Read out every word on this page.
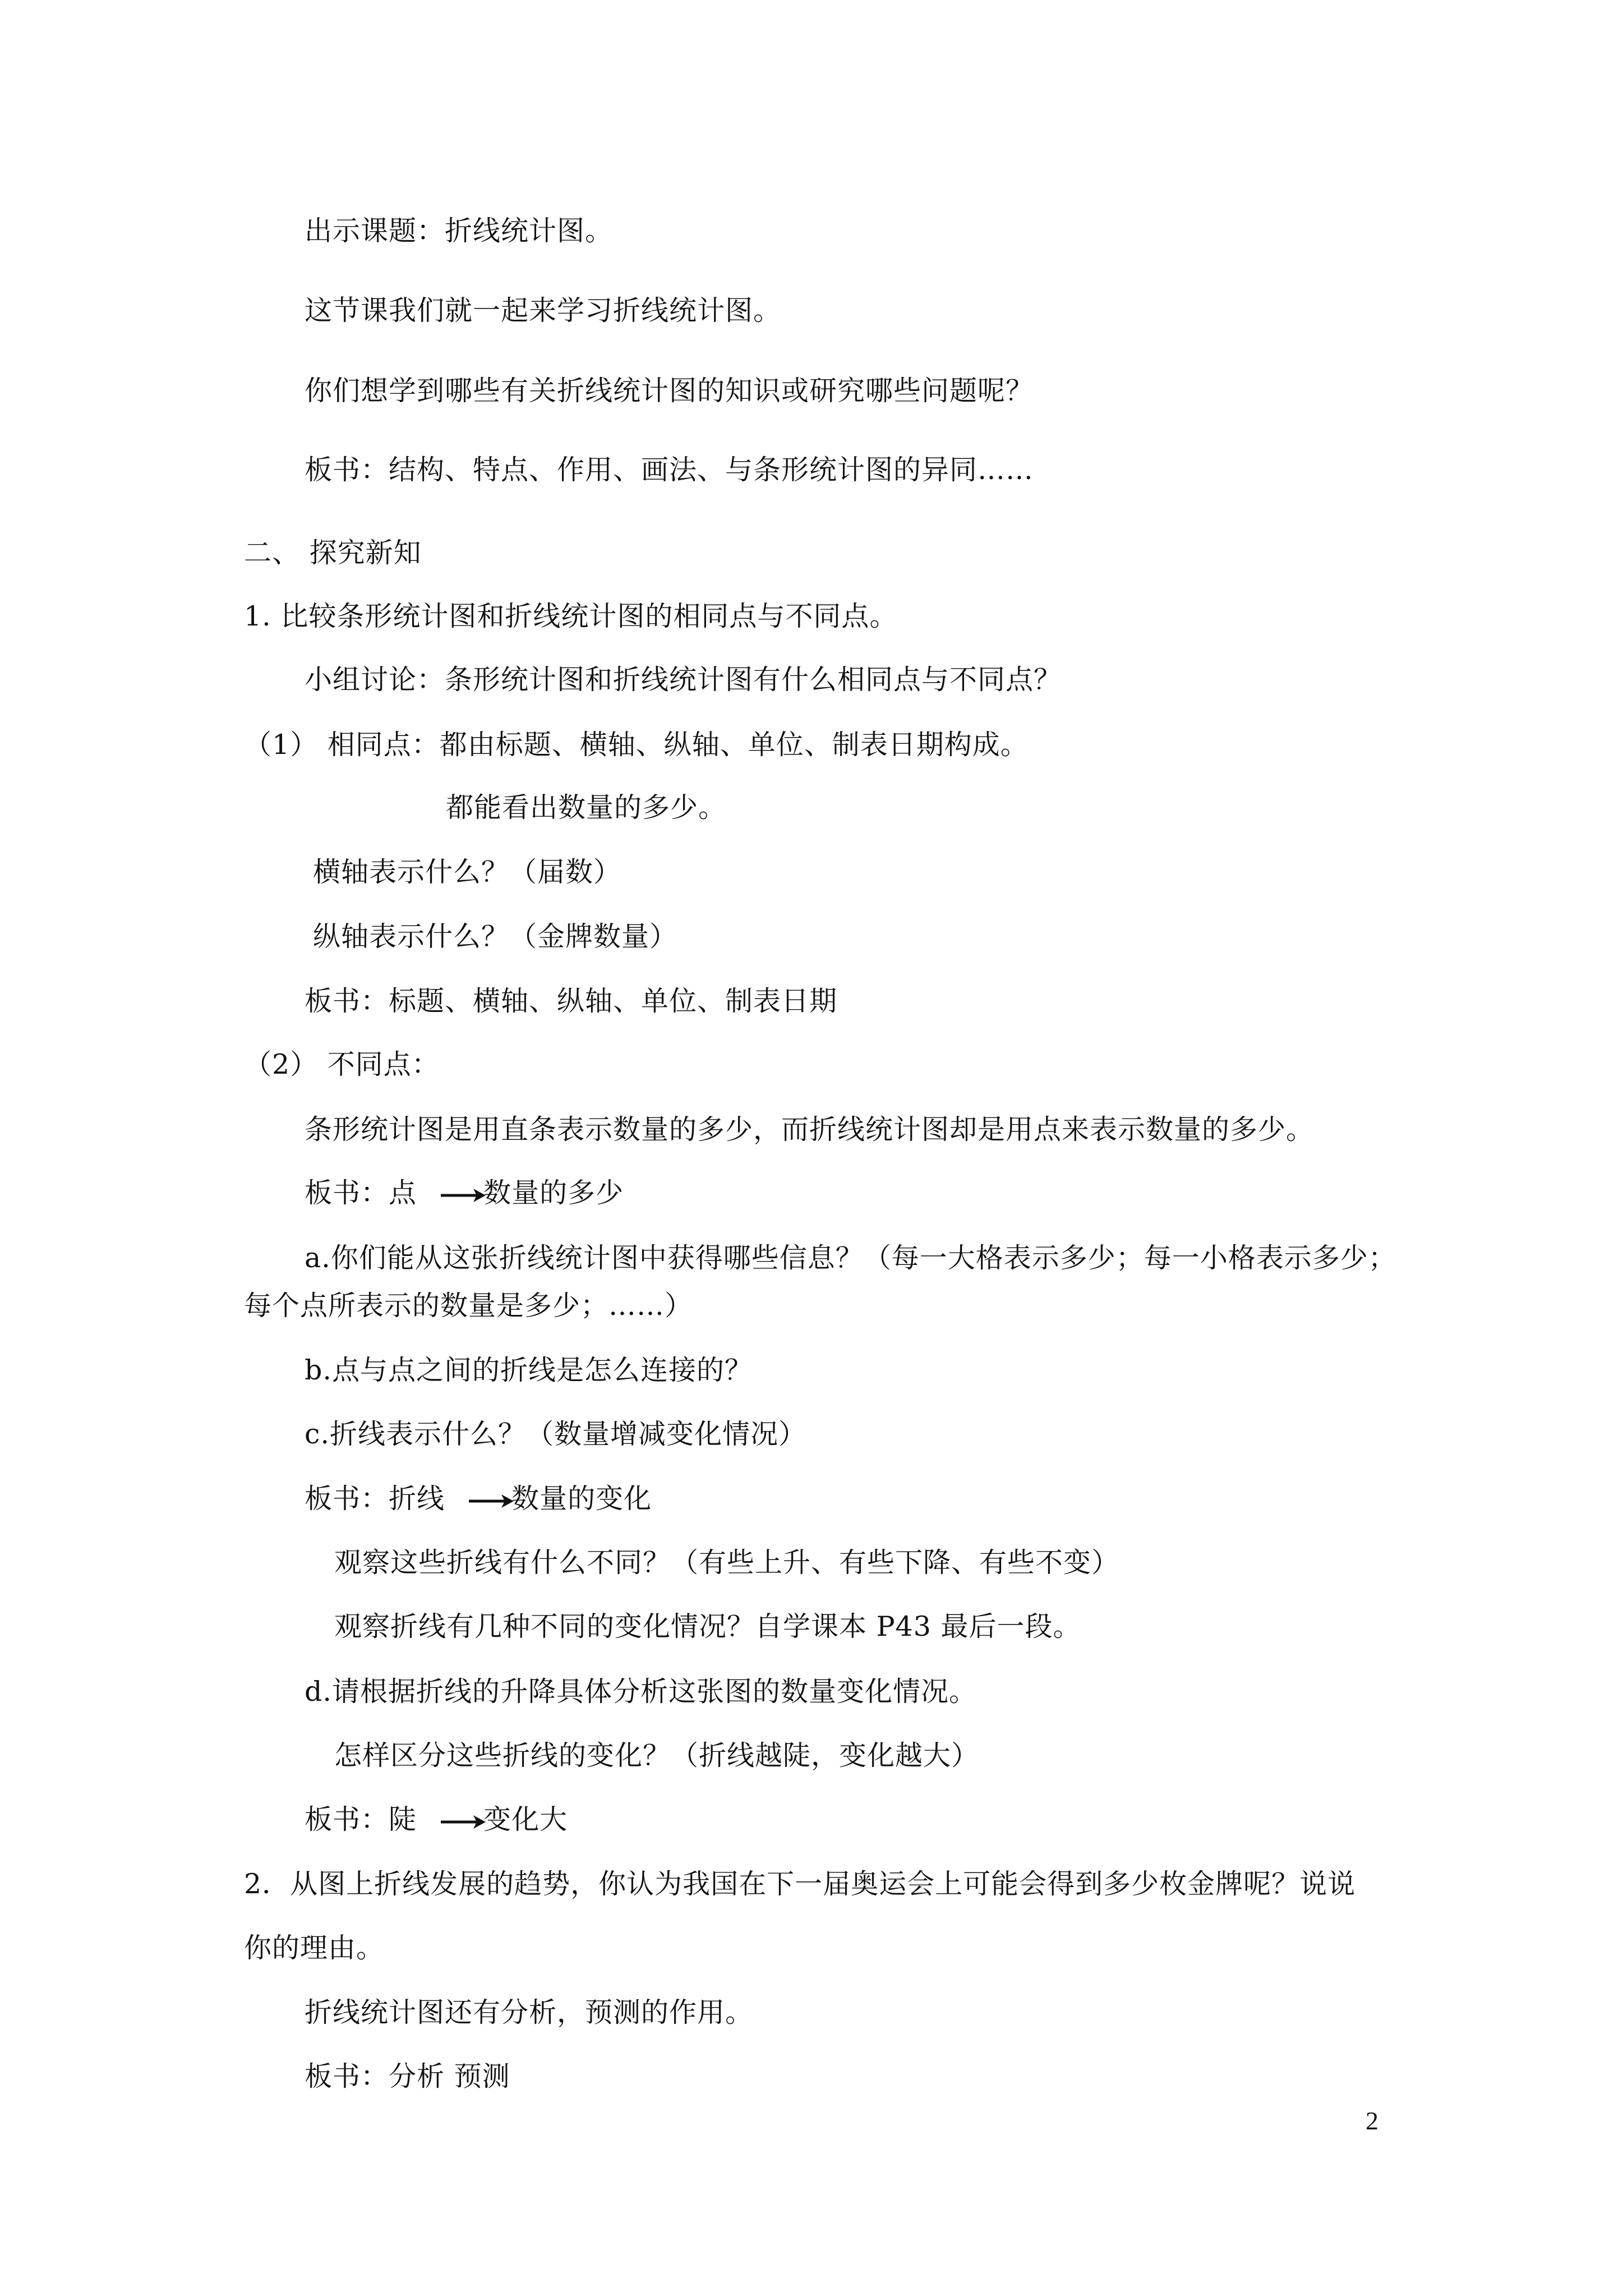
出示课题：折线统计图。
这节课我们就一起来学习折线统计图。
你们想学到哪些有关折线统计图的知识或研究哪些问题呢？
板书：结构、特点、作用、画法、与条形统计图的异同……
二、 探究新知
1. 比较条形统计图和折线统计图的相同点与不同点。
小组讨论：条形统计图和折线统计图有什么相同点与不同点？
（1） 相同点：都由标题、横轴、纵轴、单位、制表日期构成。
都能看出数量的多少。
横轴表示什么？（届数）
纵轴表示什么？（金牌数量）
板书：标题、横轴、纵轴、单位、制表日期
（2） 不同点：
条形统计图是用直条表示数量的多少，而折线统计图却是用点来表示数量的多少。
板书：点 数量的多少
a.你们能从这张折线统计图中获得哪些信息？（每一大格表示多少；每一小格表示多少；
每个点所表示的数量是多少；……）
b.点与点之间的折线是怎么连接的？
c.折线表示什么？（数量增减变化情况）
板书：折线 数量的变化
观察这些折线有什么不同？（有些上升、有些下降、有些不变）
观察折线有几种不同的变化情况？自学课本 P43 最后一段。
d.请根据折线的升降具体分析这张图的数量变化情况。
怎样区分这些折线的变化？（折线越陡，变化越大）
板书：陡 变化大
2．从图上折线发展的趋势，你认为我国在下一届奥运会上可能会得到多少枚金牌呢？说说
你的理由。
折线统计图还有分析，预测的作用。
板书：分析 预测
2
